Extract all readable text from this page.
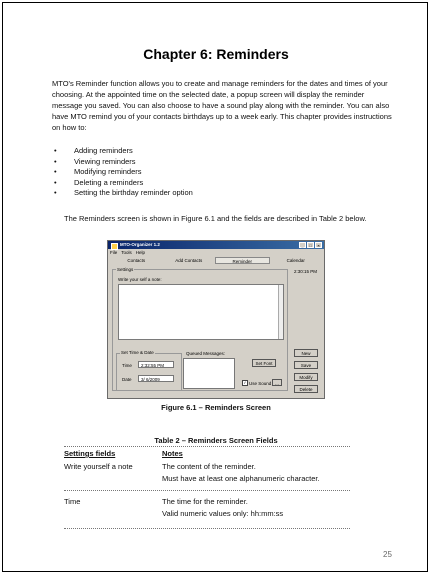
Chapter 6: Reminders
MTO's Reminder function allows you to create and manage reminders for the dates and times of your choosing. At the appointed time on the selected date, a popup screen will display the reminder message you saved. You can also choose to have a sound play along with the reminder. You can also have MTO remind you of your contacts birthdays up to a week early. This chapter provides instructions on how to:
• Adding reminders
• Viewing reminders
• Modifying reminders
• Deleting a reminders
• Setting the birthday reminder option
The Reminders screen is shown in Figure 6.1 and the fields are described in Table 2 below.
MTO-Organizer 1.2	_	□	×
File Tools Help
Contacts	Add Contacts	Reminder	Calendar
2:30:15 PM
Settings
Write your self a note:
Set Time & Date
Time	2:32:55 PM
Date	3/ 6/2009
Queued Messages:
Set Font
✓ Use Sound ...
New
Save
Modify
Delete
Figure 6.1 – Reminders Screen
Table 2 – Reminders Screen Fields
Settings fields	Notes
Write yourself a note	The content of the reminder.
Must have at least one alphanumeric character.
Time	The time for the reminder.
Valid numeric values only: hh:mm:ss
25
